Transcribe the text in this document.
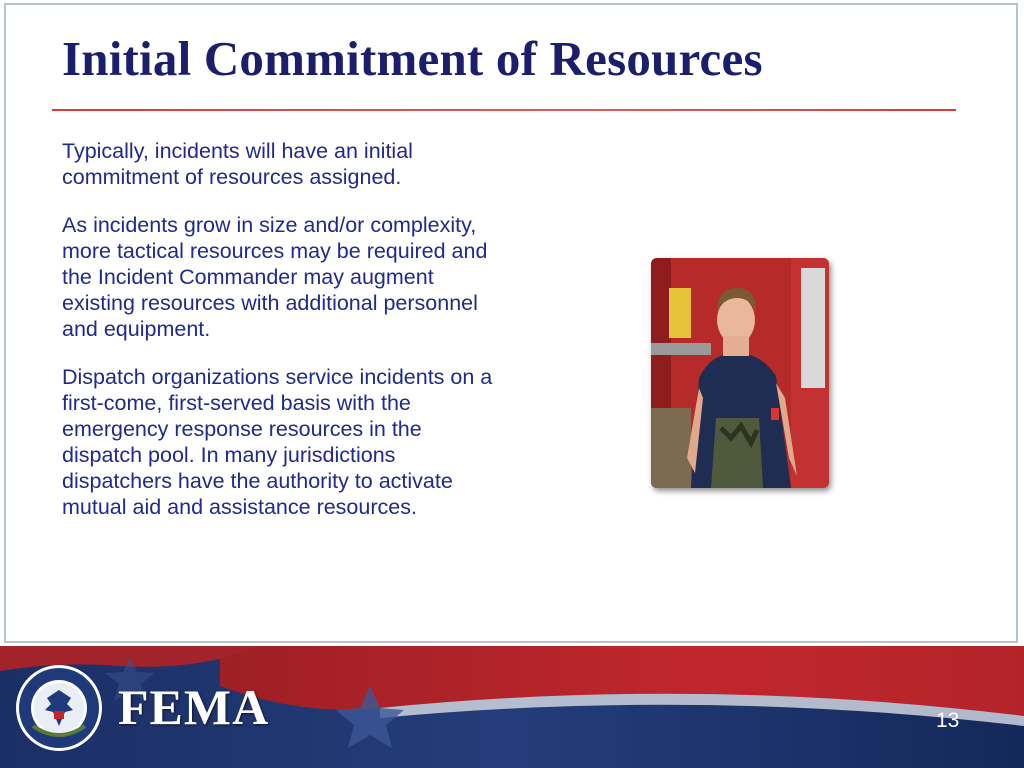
Initial Commitment of Resources

Typically, incidents will have an initial commitment of resources assigned.

As incidents grow in size and/or complexity, more tactical resources may be required and the Incident Commander may augment existing resources with additional personnel and equipment.

Dispatch organizations service incidents on a first-come, first-served basis with the emergency response resources in the dispatch pool. In many jurisdictions dispatchers have the authority to activate mutual aid and assistance resources.

FEMA	13
